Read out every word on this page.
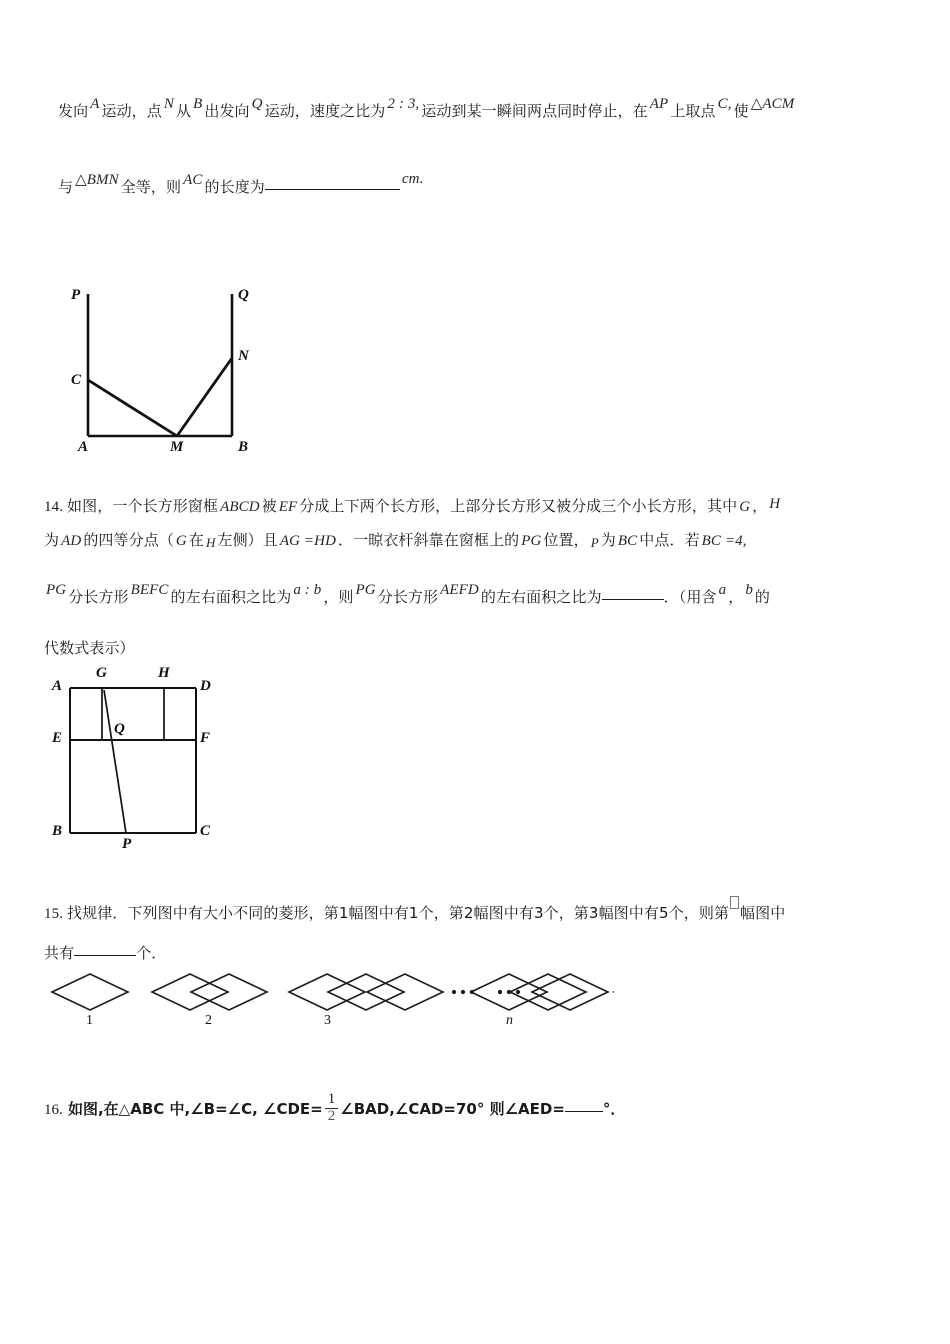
发向 A 运动，点 N 从 B 出发向 Q 运动，速度之比为 2 : 3, 运动到某一瞬间两点同时停止，在 AP 上取点 C, 使 △ACM
与 △BMN 全等，则 AC 的长度为	cm.
P	Q
N
C
A	M	B
14. 如图，一个长方形窗框 ABCD 被 EF 分成上下两个长方形，上部分长方形又被分成三个小长方形，其中 G ， H
为 AD 的四等分点（ G 在 H 左侧）且 AG =HD ．一晾衣杆斜靠在窗框上的 PG 位置， P 为 BC 中点．若 BC =4,
PG 分长方形 BEFC 的左右面积之比为 a : b ，则 PG 分长方形 AEFD 的左右面积之比为	．（用含 a ， b 的
代数式表示）
A
G	H
D
E
Q
F
B
P
C
15. 找规律．下列图中有大小不同的菱形，第1幅图中有1个，第2幅图中有3个，第3幅图中有5个，则第 幅图中
共有	个．
1	2	3	n
16. 如图,在△ABC 中,∠B=∠C, ∠CDE= $\frac{1}{2}$ ∠BAD,∠CAD=70° 则∠AED=	°．
